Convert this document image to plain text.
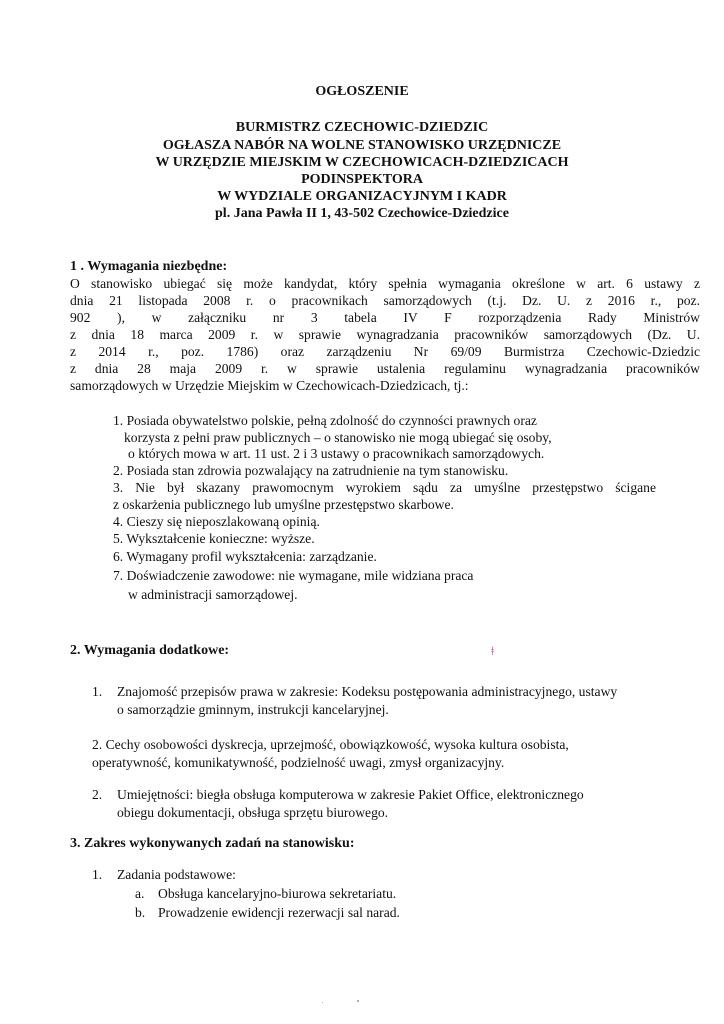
OGŁOSZENIE
BURMISTRZ CZECHOWIC-DZIEDZIC
OGŁASZA NABÓR NA WOLNE STANOWISKO URZĘDNICZE
W URZĘDZIE MIEJSKIM W CZECHOWICACH-DZIEDZICACH
PODINSPEKTORA
W WYDZIALE ORGANIZACYJNYM I KADR
pl. Jana Pawła II 1, 43-502 Czechowice-Dziedzice
1 . Wymagania niezbędne:
O stanowisko ubiegać się może kandydat, który spełnia wymagania określone w art. 6 ustawy z
dnia 21 listopada 2008 r. o pracownikach samorządowych (t.j. Dz. U. z 2016 r., poz.
902 ), w załączniku nr 3 tabela IV F rozporządzenia Rady Ministrów
z dnia 18 marca 2009 r. w sprawie wynagradzania pracowników samorządowych (Dz. U.
z 2014 r., poz. 1786) oraz zarządzeniu Nr 69/09 Burmistrza Czechowic-Dziedzic
z dnia 28 maja 2009 r. w sprawie ustalenia regulaminu wynagradzania pracowników
samorządowych w Urzędzie Miejskim w Czechowicach-Dziedzicach, tj.:
1. Posiada obywatelstwo polskie, pełną zdolność do czynności prawnych oraz
korzysta z pełni praw publicznych – o stanowisko nie mogą ubiegać się osoby,
o których mowa w art. 11 ust. 2 i 3 ustawy o pracownikach samorządowych.
2. Posiada stan zdrowia pozwalający na zatrudnienie na tym stanowisku.
3. Nie był skazany prawomocnym wyrokiem sądu za umyślne przestępstwo ścigane
z oskarżenia publicznego lub umyślne przestępstwo skarbowe.
4. Cieszy się nieposzlakowaną opinią.
5. Wykształcenie konieczne: wyższe.
6. Wymagany profil wykształcenia: zarządzanie.
7. Doświadczenie zawodowe: nie wymagane, mile widziana praca
w administracji samorządowej.
2. Wymagania dodatkowe:	ǂ
1. Znajomość przepisów prawa w zakresie: Kodeksu postępowania administracyjnego, ustawy
o samorządzie gminnym, instrukcji kancelaryjnej.
2. Cechy osobowości dyskrecja, uprzejmość, obowiązkowość, wysoka kultura osobista,
operatywność, komunikatywność, podzielność uwagi, zmysł organizacyjny.
2. Umiejętności: biegła obsługa komputerowa w zakresie Pakiet Office, elektronicznego
obiegu dokumentacji, obsługa sprzętu biurowego.
3. Zakres wykonywanych zadań na stanowisku:
1. Zadania podstawowe:
a. Obsługa kancelaryjno-biurowa sekretariatu.
b. Prowadzenie ewidencji rezerwacji sal narad.
